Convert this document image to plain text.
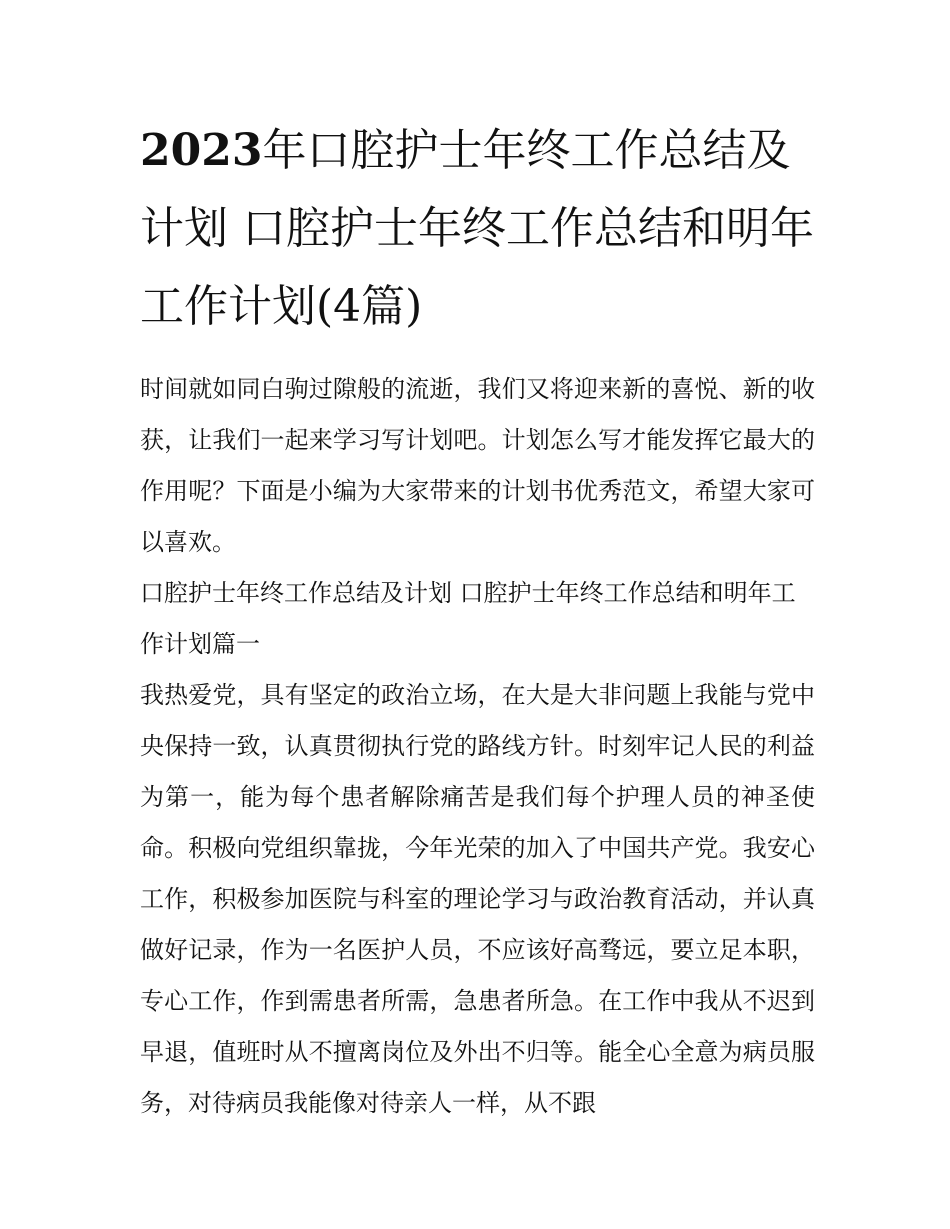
2023年口腔护士年终工作总结及计划 口腔护士年终工作总结和明年工作计划(4篇)

时间就如同白驹过隙般的流逝，我们又将迎来新的喜悦、新的收获，让我们一起来学习写计划吧。计划怎么写才能发挥它最大的作用呢？下面是小编为大家带来的计划书优秀范文，希望大家可以喜欢。

口腔护士年终工作总结及计划 口腔护士年终工作总结和明年工作计划篇一

我热爱党，具有坚定的政治立场，在大是大非问题上我能与党中央保持一致，认真贯彻执行党的路线方针。时刻牢记人民的利益为第一，能为每个患者解除痛苦是我们每个护理人员的神圣使命。积极向党组织靠拢，今年光荣的加入了中国共产党。我安心工作，积极参加医院与科室的理论学习与政治教育活动，并认真做好记录，作为一名医护人员，不应该好高骛远，要立足本职，专心工作，作到需患者所需，急患者所急。在工作中我从不迟到早退，值班时从不擅离岗位及外出不归等。能全心全意为病员服务，对待病员我能像对待亲人一样，从不跟
